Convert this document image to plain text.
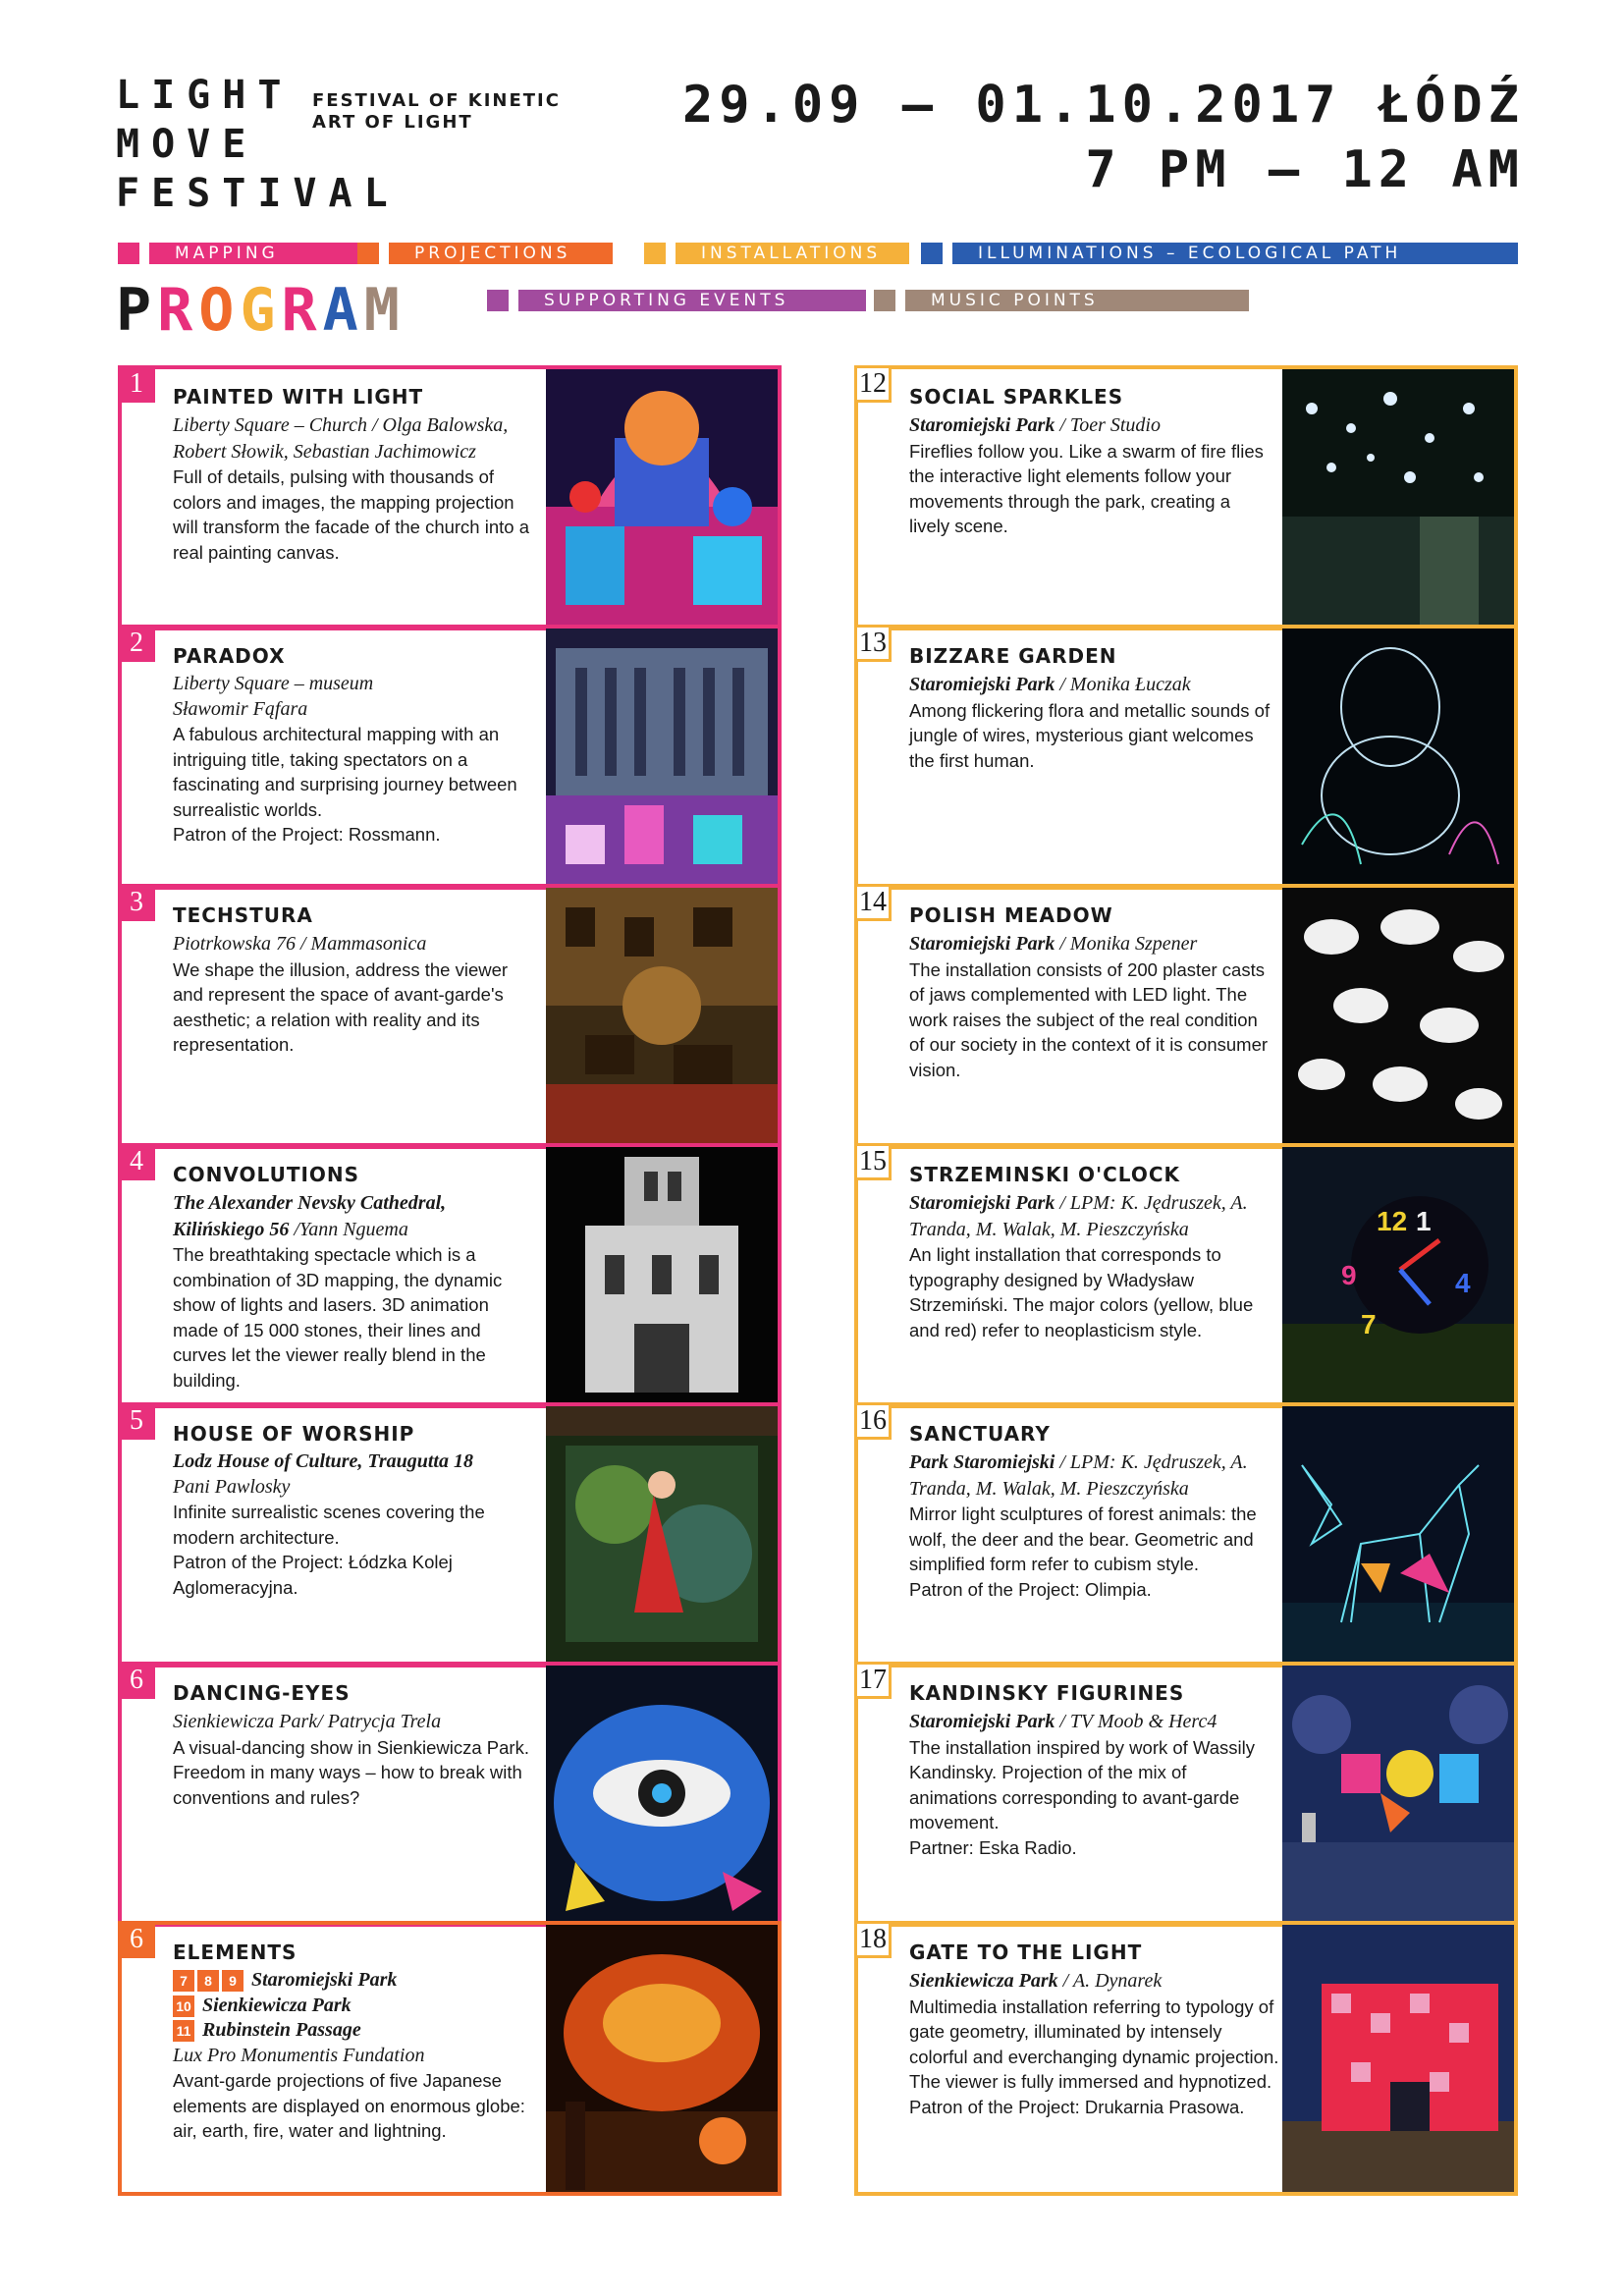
LIGHT
MOVE
FESTIVAL
FESTIVAL OF KINETIC
ART OF LIGHT	29.09 – 01.10.2017 ŁÓDŹ
7 PM – 12 AM
MAPPING	PROJECTIONS	INSTALLATIONS	ILLUMINATIONS – ECOLOGICAL PATH
PROGRAM	SUPPORTING EVENTS	MUSIC POINTS
1	PAINTED WITH LIGHT
Liberty Square – Church / Olga Balowska, Robert Słowik, Sebastian Jachimowicz
Full of details, pulsing with thousands of colors and images, the mapping projection will transform the facade of the church into a real painting canvas.
2	PARADOX
Liberty Square – museum
Sławomir Fąfara
A fabulous architectural mapping with an intriguing title, taking spectators on a fascinating and surprising journey between surrealistic worlds.
Patron of the Project: Rossmann.
3	TECHSTURA
Piotrkowska 76 / Mammasonica
We shape the illusion, address the viewer and represent the space of avant-garde's aesthetic; a relation with reality and its representation.
4	CONVOLUTIONS
The Alexander Nevsky Cathedral, Kilińskiego 56 /Yann Nguema
The breathtaking spectacle which is a combination of 3D mapping, the dynamic show of lights and lasers. 3D animation made of 15 000 stones, their lines and curves let the viewer really blend in the building.
5	HOUSE OF WORSHIP
Lodz House of Culture, Traugutta 18
Pani Pawlosky
Infinite surrealistic scenes covering the modern architecture.
Patron of the Project: Łódzka Kolej Aglomeracyjna.
6	DANCING-EYES
Sienkiewicza Park/ Patrycja Trela
A visual-dancing show in Sienkiewicza Park. Freedom in many ways – how to break with conventions and rules?
6	ELEMENTS
7 8 9 Staromiejski Park
10 Sienkiewicza Park
11 Rubinstein Passage
Lux Pro Monumentis Fundation
Avant-garde projections of five Japanese elements are displayed on enormous globe: air, earth, fire, water and lightning.
12 SOCIAL SPARKLES
Staromiejski Park / Toer Studio
Fireflies follow you. Like a swarm of fire flies the interactive light elements follow your movements through the park, creating a lively scene.
13 BIZZARE GARDEN
Staromiejski Park / Monika Łuczak
Among flickering flora and metallic sounds of jungle of wires, mysterious giant welcomes the first human.
14 POLISH MEADOW
Staromiejski Park / Monika Szpener
The installation consists of 200 plaster casts of jaws complemented with LED light. The work raises the subject of the real condition of our society in the context of it is consumer vision.
15 STRZEMINSKI O'CLOCK
Staromiejski Park / LPM: K. Jędruszek, A. Tranda, M. Walak, M. Pieszczyńska
An light installation that corresponds to typography designed by Władysław Strzemiński. The major colors (yellow, blue and red) refer to neoplasticism style.
12 1
9	4
7
16 SANCTUARY
Park Staromiejski / LPM: K. Jędruszek, A. Tranda, M. Walak, M. Pieszczyńska
Mirror light sculptures of forest animals: the wolf, the deer and the bear. Geometric and simplified form refer to cubism style.
Patron of the Project: Olimpia.
17 KANDINSKY FIGURINES
Staromiejski Park / TV Moob & Herc4
The installation inspired by work of Wassily Kandinsky. Projection of the mix of animations corresponding to avant-garde movement.
Partner: Eska Radio.
18 GATE TO THE LIGHT
Sienkiewicza Park / A. Dynarek
Multimedia installation referring to typology of gate geometry, illuminated by intensely colorful and everchanging dynamic projection. The viewer is fully immersed and hypnotized. Patron of the Project: Drukarnia Prasowa.
